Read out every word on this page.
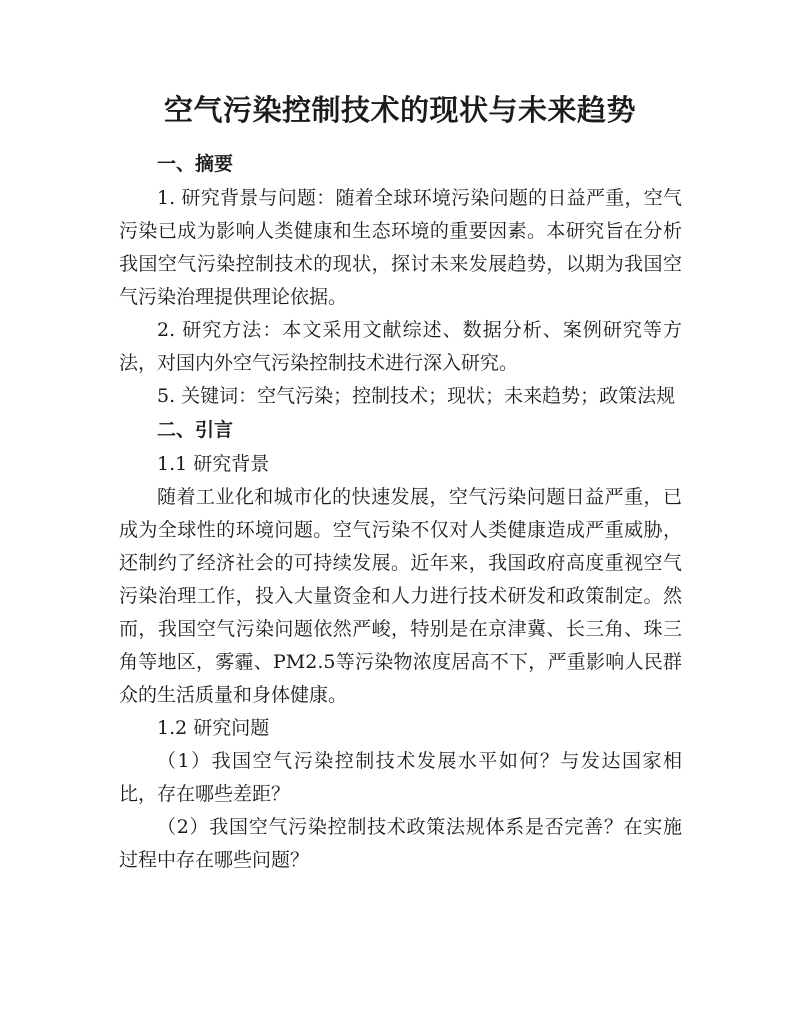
空气污染控制技术的现状与未来趋势
一、摘要

1. 研究背景与问题：随着全球环境污染问题的日益严重，空气污染已成为影响人类健康和生态环境的重要因素。本研究旨在分析我国空气污染控制技术的现状，探讨未来发展趋势，以期为我国空气污染治理提供理论依据。

2. 研究方法：本文采用文献综述、数据分析、案例研究等方法，对国内外空气污染控制技术进行深入研究。

5. 关键词：空气污染；控制技术；现状；未来趋势；政策法规

二、引言

1.1 研究背景

随着工业化和城市化的快速发展，空气污染问题日益严重，已成为全球性的环境问题。空气污染不仅对人类健康造成严重威胁，还制约了经济社会的可持续发展。近年来，我国政府高度重视空气污染治理工作，投入大量资金和人力进行技术研发和政策制定。然而，我国空气污染问题依然严峻，特别是在京津冀、长三角、珠三角等地区，雾霾、PM2.5等污染物浓度居高不下，严重影响人民群众的生活质量和身体健康。

1.2 研究问题

（1）我国空气污染控制技术发展水平如何？与发达国家相比，存在哪些差距？

（2）我国空气污染控制技术政策法规体系是否完善？在实施过程中存在哪些问题？
